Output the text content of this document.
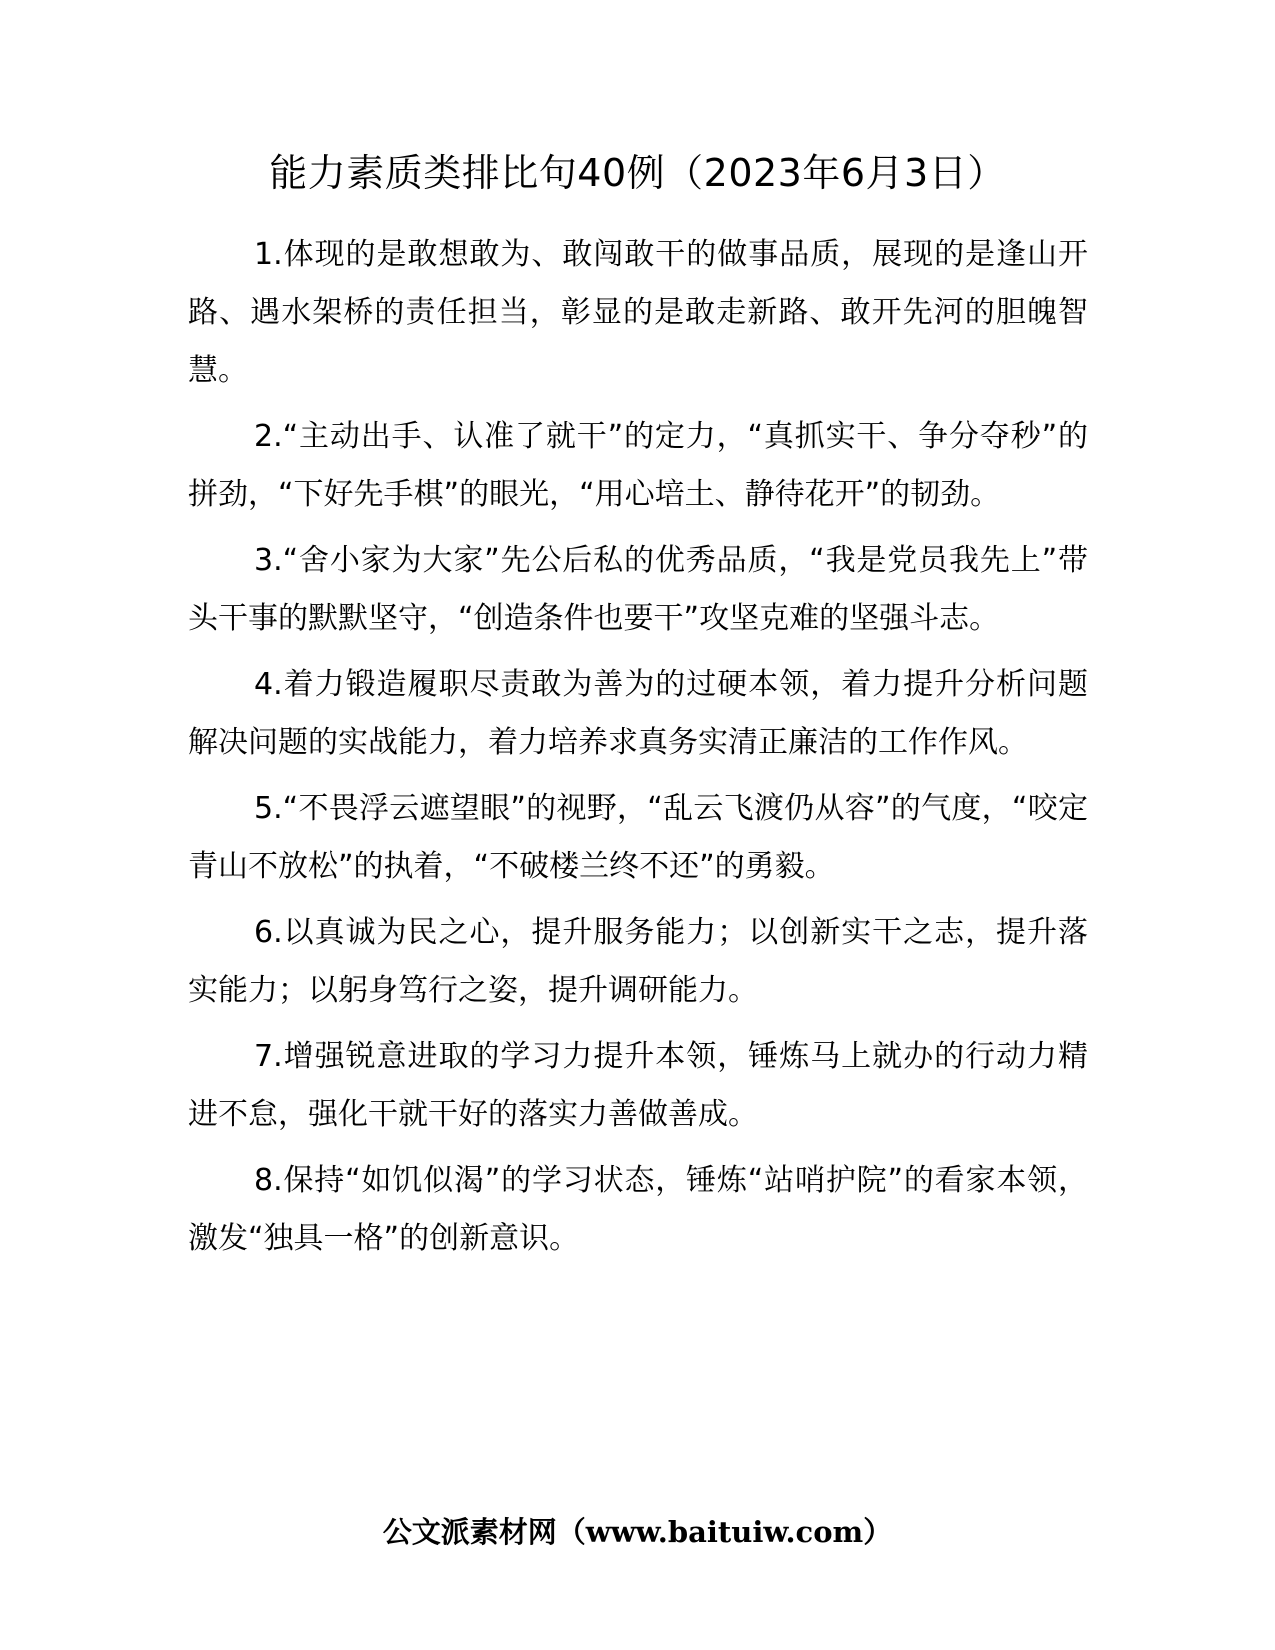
能力素质类排比句40例（2023年6月3日）

1.体现的是敢想敢为、敢闯敢干的做事品质，展现的是逢山开路、遇水架桥的责任担当，彰显的是敢走新路、敢开先河的胆魄智慧。

2.“主动出手、认准了就干”的定力，“真抓实干、争分夺秒”的拼劲，“下好先手棋”的眼光，“用心培土、静待花开”的韧劲。

3.“舍小家为大家”先公后私的优秀品质，“我是党员我先上”带头干事的默默坚守，“创造条件也要干”攻坚克难的坚强斗志。

4.着力锻造履职尽责敢为善为的过硬本领，着力提升分析问题解决问题的实战能力，着力培养求真务实清正廉洁的工作作风。

5.“不畏浮云遮望眼”的视野，“乱云飞渡仍从容”的气度，“咬定青山不放松”的执着，“不破楼兰终不还”的勇毅。

6.以真诚为民之心，提升服务能力；以创新实干之志，提升落实能力；以躬身笃行之姿，提升调研能力。

7.增强锐意进取的学习力提升本领，锤炼马上就办的行动力精进不怠，强化干就干好的落实力善做善成。

8.保持“如饥似渴”的学习状态，锤炼“站哨护院”的看家本领，激发“独具一格”的创新意识。

公文派素材网（www.baituiw.com）
